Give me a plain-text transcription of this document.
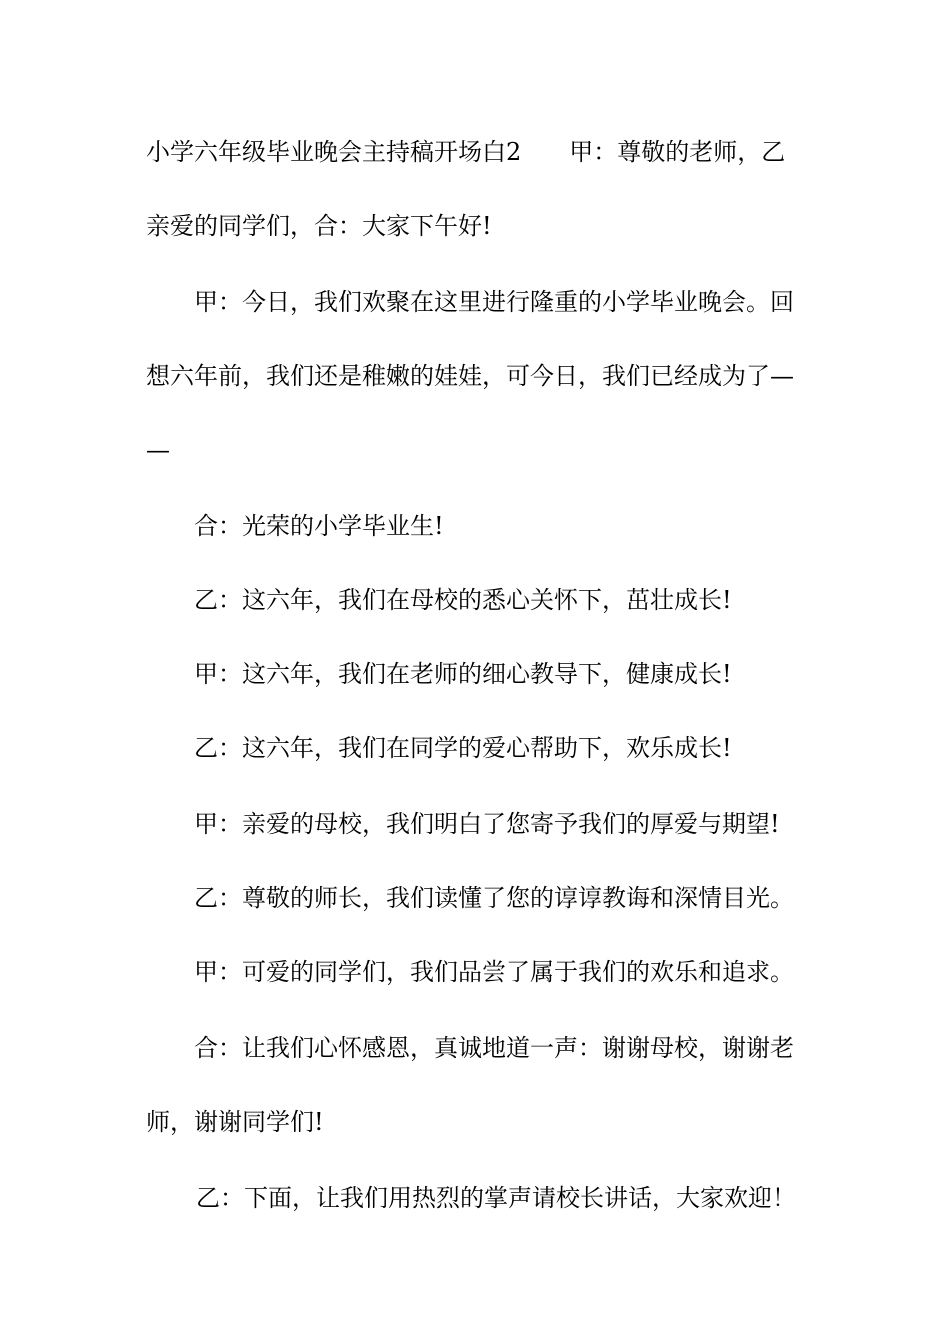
小学六年级毕业晚会主持稿开场白2 甲：尊敬的老师，乙
亲爱的同学们，合：大家下午好!
甲：今日，我们欢聚在这里进行隆重的小学毕业晚会。回
想六年前，我们还是稚嫩的娃娃，可今日，我们已经成为了—
—
合：光荣的小学毕业生!
乙：这六年，我们在母校的悉心关怀下，茁壮成长!
甲：这六年，我们在老师的细心教导下，健康成长!
乙：这六年，我们在同学的爱心帮助下，欢乐成长!
甲：亲爱的母校，我们明白了您寄予我们的厚爱与期望!
乙：尊敬的师长，我们读懂了您的谆谆教诲和深情目光。
甲：可爱的同学们，我们品尝了属于我们的欢乐和追求。
合：让我们心怀感恩，真诚地道一声：谢谢母校，谢谢老
师，谢谢同学们!
乙：下面，让我们用热烈的掌声请校长讲话，大家欢迎！
